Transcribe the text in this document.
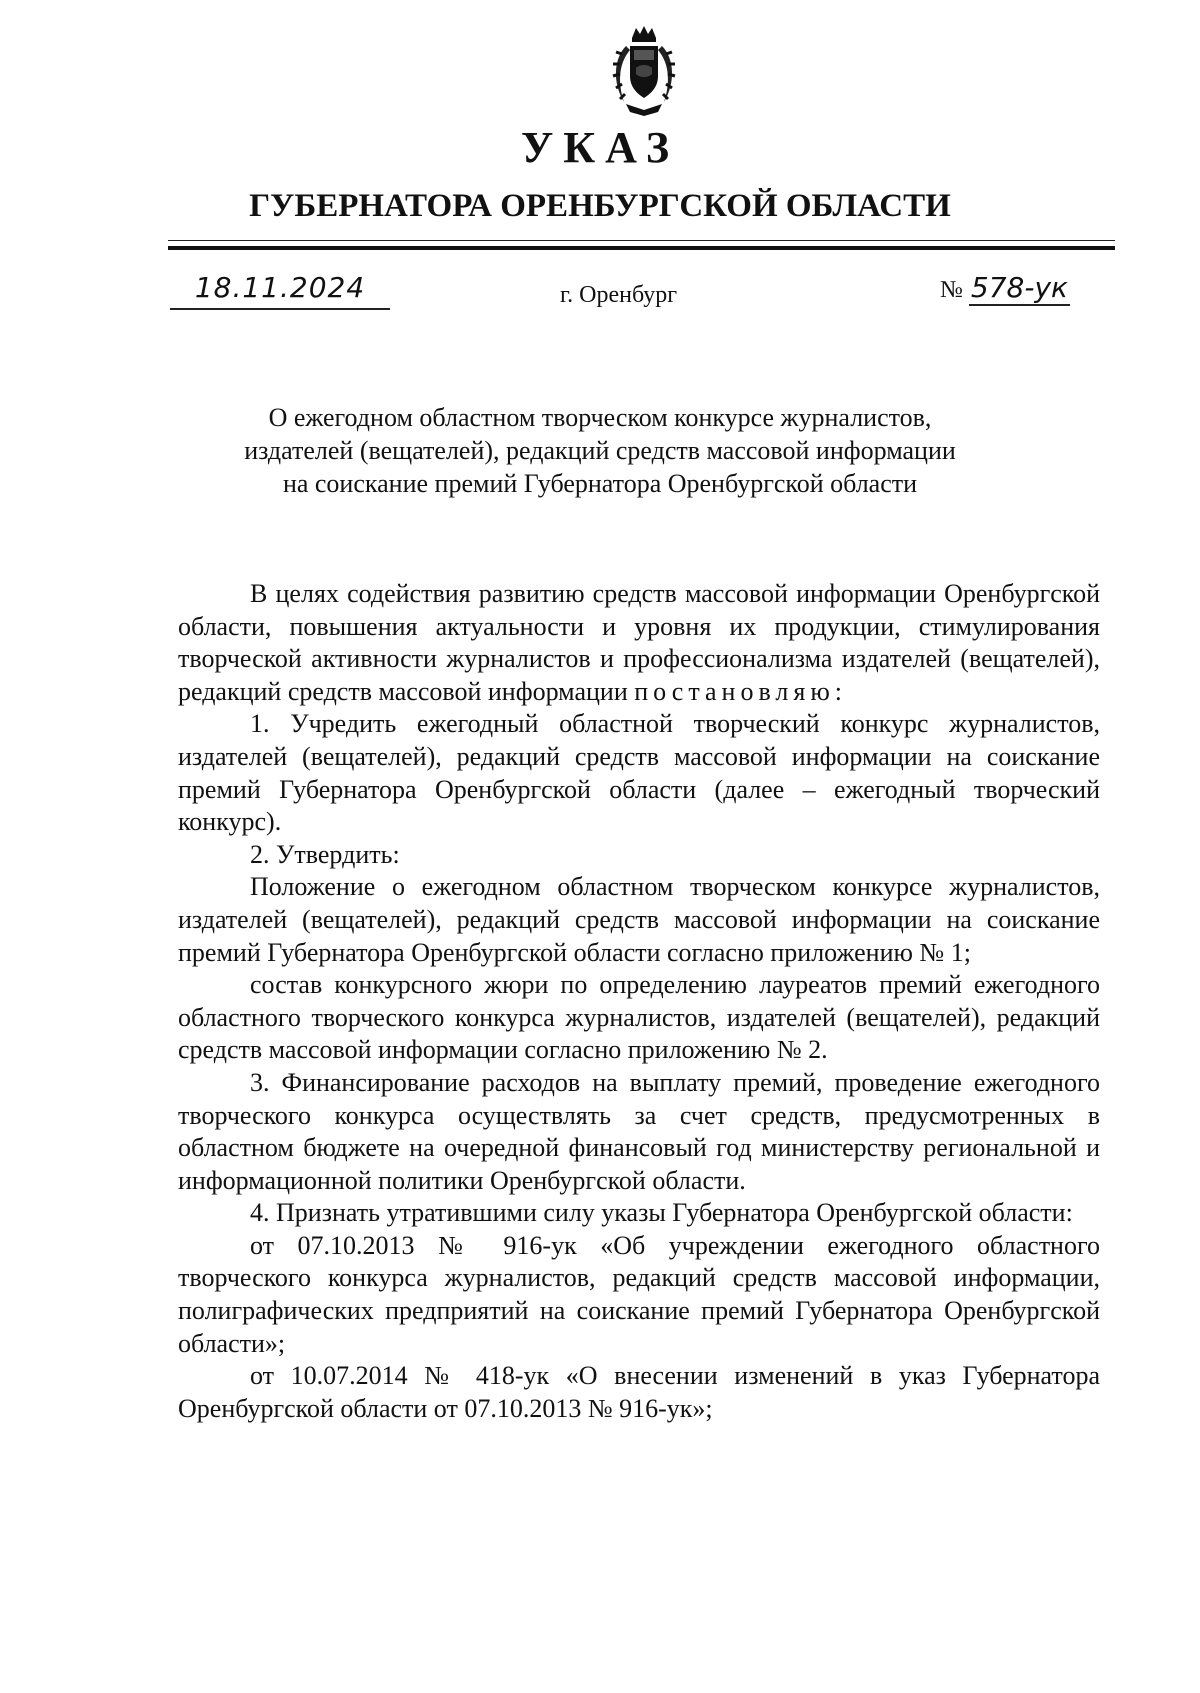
УКАЗ
ГУБЕРНАТОРА ОРЕНБУРГСКОЙ ОБЛАСТИ
18.11.2024	г. Оренбург	№ 578-ук

О ежегодном областном творческом конкурсе журналистов,

издателей (вещателей), редакций средств массовой информации

на соискание премий Губернатора Оренбургской области

В целях содействия развитию средств массовой информации Оренбургской области, повышения актуальности и уровня их продукции, стимулирования творческой активности журналистов и профессионализма издателей (вещателей), редакций средств массовой информации постановляю:

1. Учредить ежегодный областной творческий конкурс журналистов, издателей (вещателей), редакций средств массовой информации на соискание премий Губернатора Оренбургской области (далее – ежегодный творческий конкурс).

2. Утвердить:

Положение о ежегодном областном творческом конкурсе журналистов, издателей (вещателей), редакций средств массовой информации на соискание премий Губернатора Оренбургской области согласно приложению № 1;

состав конкурсного жюри по определению лауреатов премий ежегодного областного творческого конкурса журналистов, издателей (вещателей), редакций средств массовой информации согласно приложению № 2.

3. Финансирование расходов на выплату премий, проведение ежегодного творческого конкурса осуществлять за счет средств, предусмотренных в областном бюджете на очередной финансовый год министерству региональной и информационной политики Оренбургской области.

4. Признать утратившими силу указы Губернатора Оренбургской области:

от 07.10.2013 № 916-ук «Об учреждении ежегодного областного творческого конкурса журналистов, редакций средств массовой информации, полиграфических предприятий на соискание премий Губернатора Оренбургской области»;

от 10.07.2014 № 418-ук «О внесении изменений в указ Губернатора Оренбургской области от 07.10.2013 № 916-ук»;
